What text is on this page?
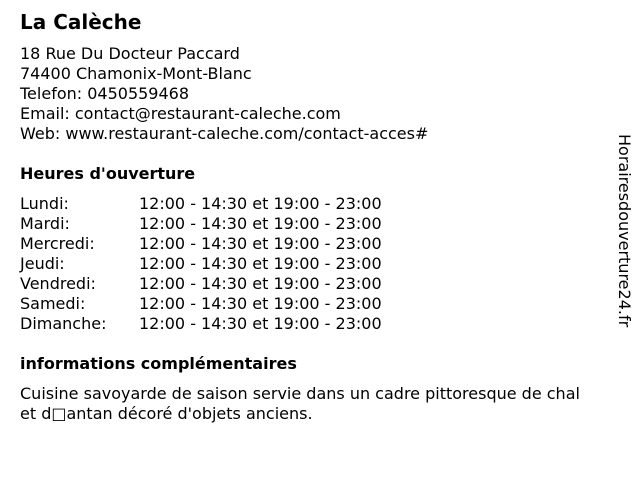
La Calèche
18 Rue Du Docteur Paccard
74400 Chamonix-Mont-Blanc
Telefon: 0450559468
Email: contact@restaurant-caleche.com
Web: www.restaurant-caleche.com/contact-acces#
Heures d'ouverture
Lundi:	12:00 - 14:30 et 19:00 - 23:00
Mardi:	12:00 - 14:30 et 19:00 - 23:00
Mercredi:	12:00 - 14:30 et 19:00 - 23:00
Jeudi:	12:00 - 14:30 et 19:00 - 23:00
Vendredi:	12:00 - 14:30 et 19:00 - 23:00
Samedi:	12:00 - 14:30 et 19:00 - 23:00
Dimanche:	12:00 - 14:30 et 19:00 - 23:00
informations complémentaires
Cuisine savoyarde de saison servie dans un cadre pittoresque de chal
et d□antan décoré d'objets anciens.
Horairesdouverture24.fr
